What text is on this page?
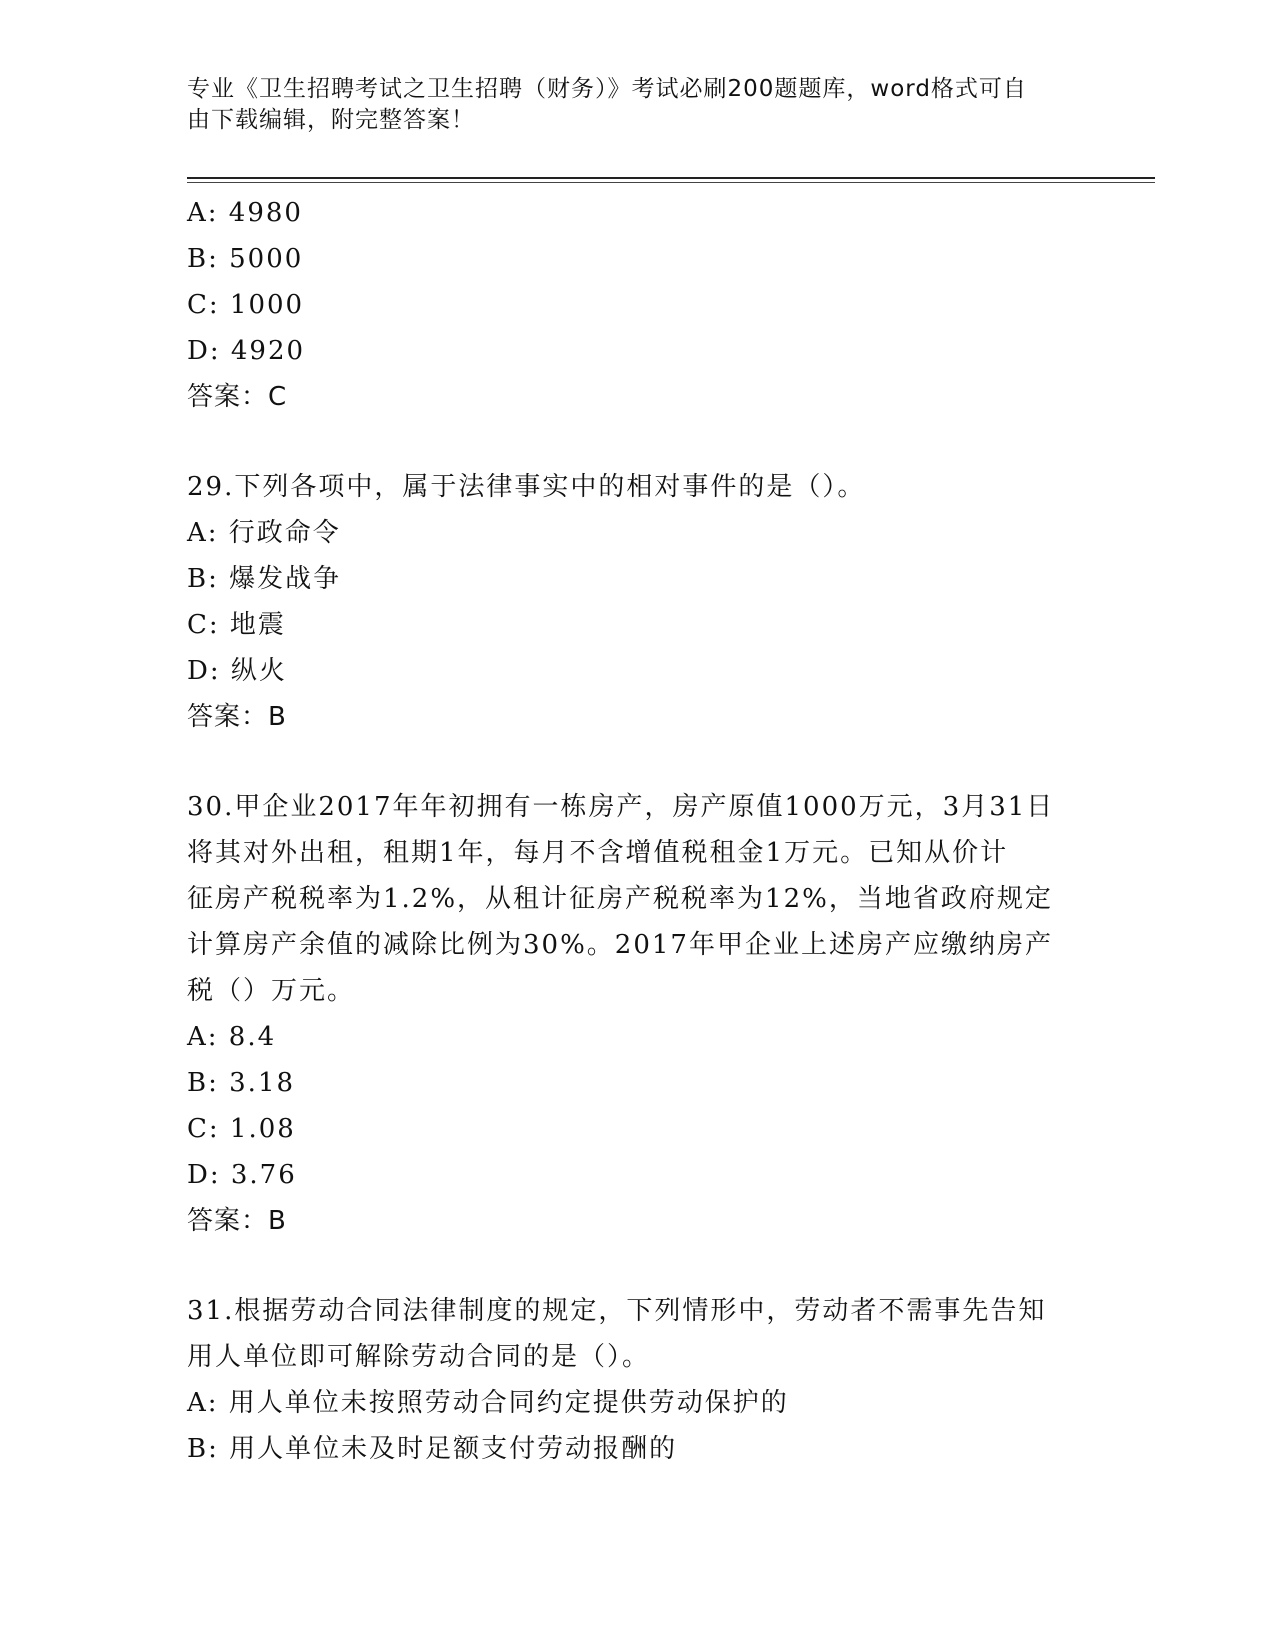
专业《卫生招聘考试之卫生招聘（财务）》考试必刷200题题库，word格式可自
由下载编辑，附完整答案！
A: 4980
B: 5000
C: 1000
D: 4920
答案：C
29.下列各项中，属于法律事实中的相对事件的是（）。
A: 行政命令
B: 爆发战争
C: 地震
D: 纵火
答案：B
30.甲企业2017年年初拥有一栋房产，房产原值1000万元，3月31日
将其对外出租，租期1年，每月不含增值税租金1万元。已知从价计
征房产税税率为1.2%，从租计征房产税税率为12%，当地省政府规定
计算房产余值的减除比例为30%。2017年甲企业上述房产应缴纳房产
税（）万元。
A: 8.4
B: 3.18
C: 1.08
D: 3.76
答案：B
31.根据劳动合同法律制度的规定，下列情形中，劳动者不需事先告知
用人单位即可解除劳动合同的是（）。
A: 用人单位未按照劳动合同约定提供劳动保护的
B: 用人单位未及时足额支付劳动报酬的
